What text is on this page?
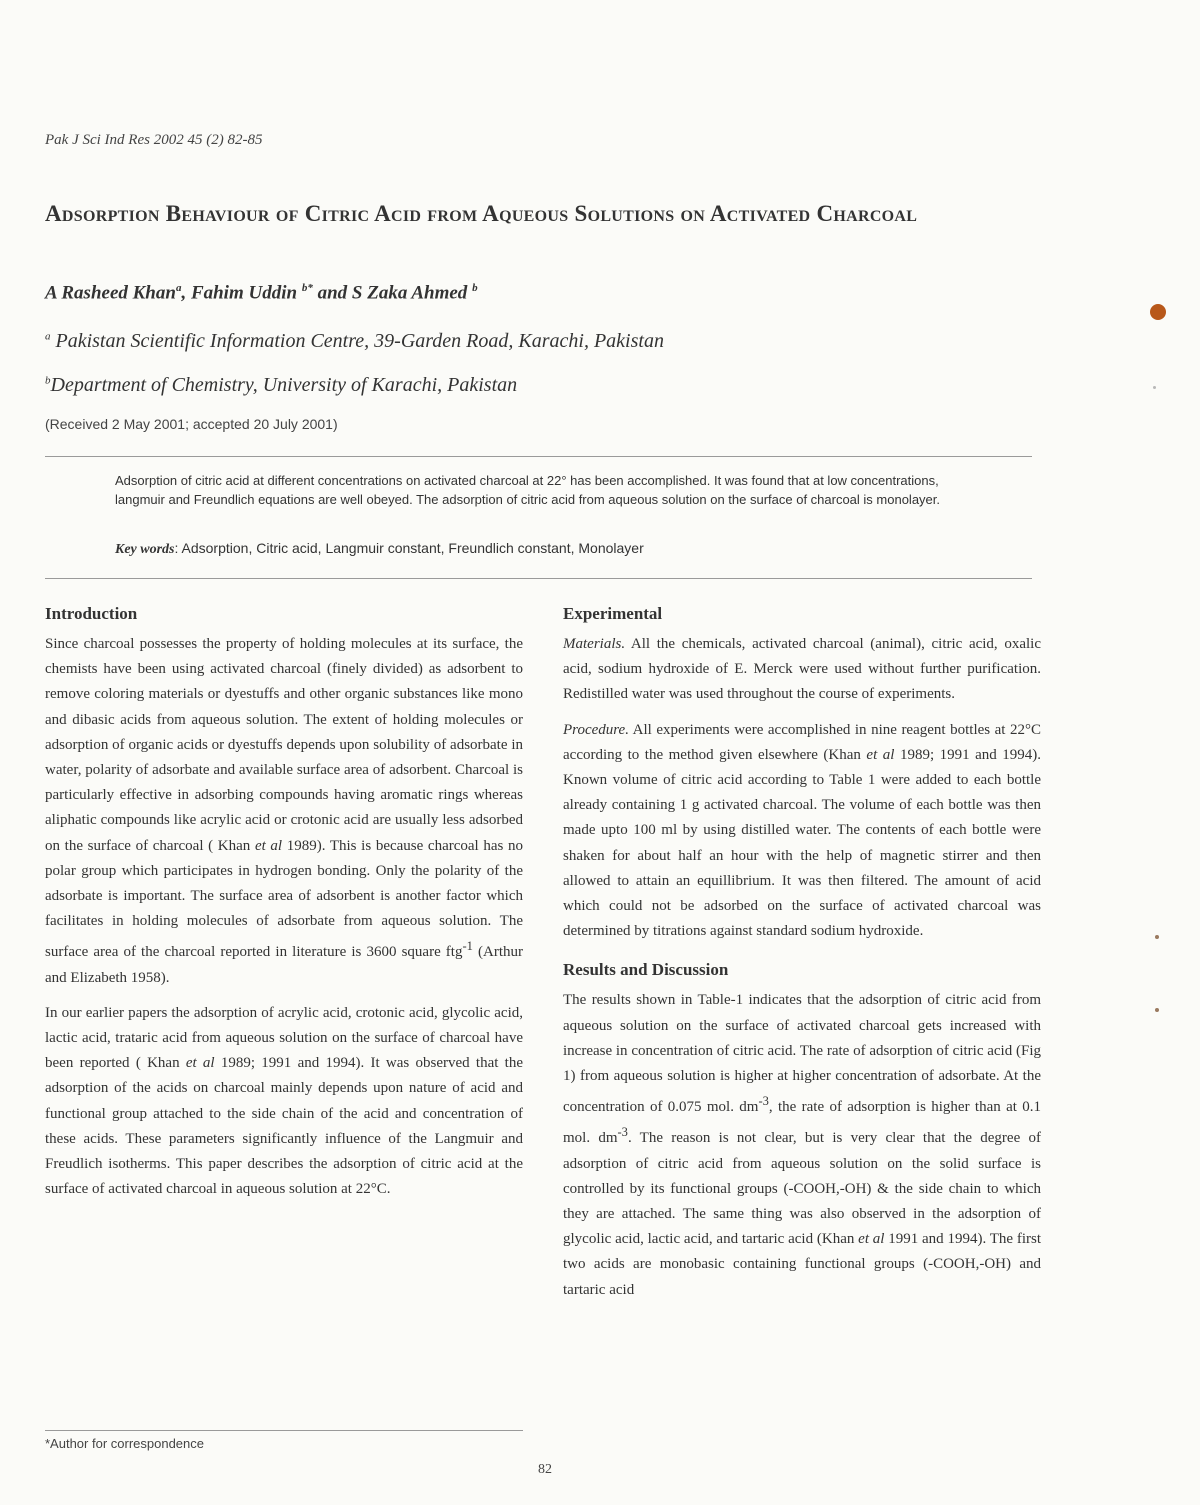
Pak J Sci Ind Res 2002 45 (2) 82-85
Adsorption Behaviour of Citric Acid from Aqueous Solutions on Activated Charcoal
A Rasheed Khan$^a$, Fahim Uddin $^{b*}$ and S Zaka Ahmed $^b$
$^a$ Pakistan Scientific Information Centre, 39-Garden Road, Karachi, Pakistan
$^b$Department of Chemistry, University of Karachi, Pakistan
(Received 2 May 2001; accepted 20 July 2001)

Adsorption of citric acid at different concentrations on activated charcoal at 22° has been accomplished. It was found that at low concentrations, langmuir and Freundlich equations are well obeyed. The adsorption of citric acid from aqueous solution on the surface of charcoal is monolayer.

Key words: Adsorption, Citric acid, Langmuir constant, Freundlich constant, Monolayer

Introduction

Since charcoal possesses the property of holding molecules at its surface, the chemists have been using activated charcoal (finely divided) as adsorbent to remove coloring materials or dyestuffs and other organic substances like mono and dibasic acids from aqueous solution. The extent of holding molecules or adsorption of organic acids or dyestuffs depends upon solubility of adsorbate in water, polarity of adsorbate and available surface area of adsorbent. Charcoal is particularly effective in adsorbing compounds having aromatic rings whereas aliphatic compounds like acrylic acid or crotonic acid are usually less adsorbed on the surface of charcoal ( Khan et al 1989). This is because charcoal has no polar group which participates in hydrogen bonding. Only the polarity of the adsorbate is important. The surface area of adsorbent is another factor which facilitates in holding molecules of adsorbate from aqueous solution. The surface area of the charcoal reported in literature is 3600 square ftg$^{-1}$ (Arthur and Elizabeth 1958).

In our earlier papers the adsorption of acrylic acid, crotonic acid, glycolic acid, lactic acid, trataric acid from aqueous solution on the surface of charcoal have been reported ( Khan et al 1989; 1991 and 1994). It was observed that the adsorption of the acids on charcoal mainly depends upon nature of acid and functional group attached to the side chain of the acid and concentration of these acids. These parameters significantly influence of the Langmuir and Freudlich isotherms. This paper describes the adsorption of citric acid at the surface of activated charcoal in aqueous solution at 22°C.

Experimental

Materials. All the chemicals, activated charcoal (animal), citric acid, oxalic acid, sodium hydroxide of E. Merck were used without further purification. Redistilled water was used throughout the course of experiments.

Procedure. All experiments were accomplished in nine reagent bottles at 22°C according to the method given elsewhere (Khan et al 1989; 1991 and 1994). Known volume of citric acid according to Table 1 were added to each bottle already containing 1 g activated charcoal. The volume of each bottle was then made upto 100 ml by using distilled water. The contents of each bottle were shaken for about half an hour with the help of magnetic stirrer and then allowed to attain an equillibrium. It was then filtered. The amount of acid which could not be adsorbed on the surface of activated charcoal was determined by titrations against standard sodium hydroxide.

Results and Discussion

The results shown in Table-1 indicates that the adsorption of citric acid from aqueous solution on the surface of activated charcoal gets increased with increase in concentration of citric acid. The rate of adsorption of citric acid (Fig 1) from aqueous solution is higher at higher concentration of adsorbate. At the concentration of 0.075 mol. $dm^{-3}$, the rate of adsorption is higher than at 0.1 mol. $dm^{-3}$. The reason is not clear, but is very clear that the degree of adsorption of citric acid from aqueous solution on the solid surface is controlled by its functional groups (-COOH,-OH) & the side chain to which they are attached. The same thing was also observed in the adsorption of glycolic acid, lactic acid, and tartaric acid (Khan et al 1991 and 1994). The first two acids are monobasic containing functional groups (-COOH,-OH) and tartaric acid

*Author for correspondence
82
